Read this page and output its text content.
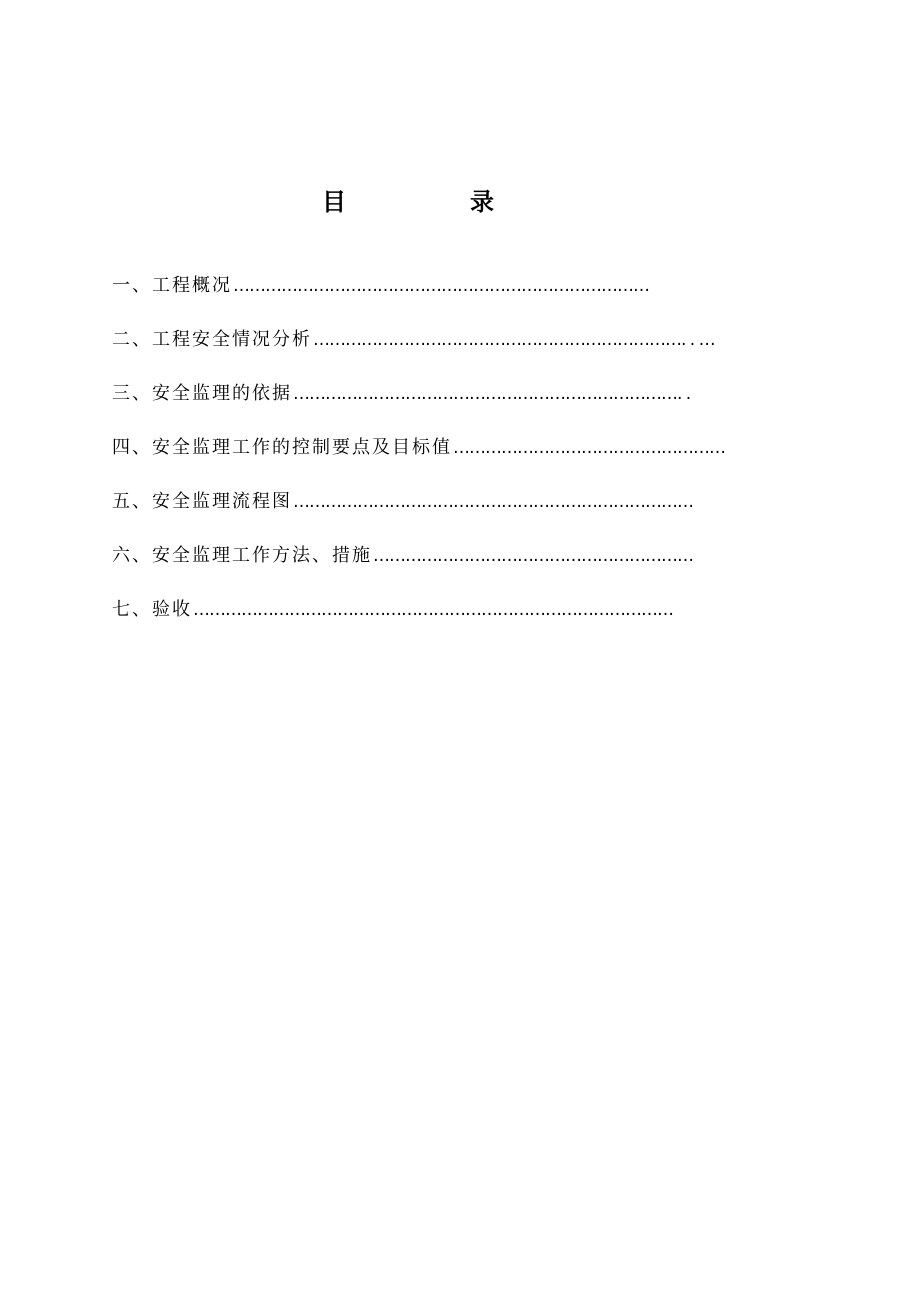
目	录
一、工程概况 ……………………………………………………………………
二、工程安全情况分析 ……………………………………………………………. . …
三、安全监理的依据 ………………………………………………………………. .
四、安全监理工作的控制要点及目标值 ……………………………………………
五、安全监理流程图 …………………………………………………………………
六、安全监理工作方法、措施 ……………………………………………………
七、验收 ………………………………………………………………………………
